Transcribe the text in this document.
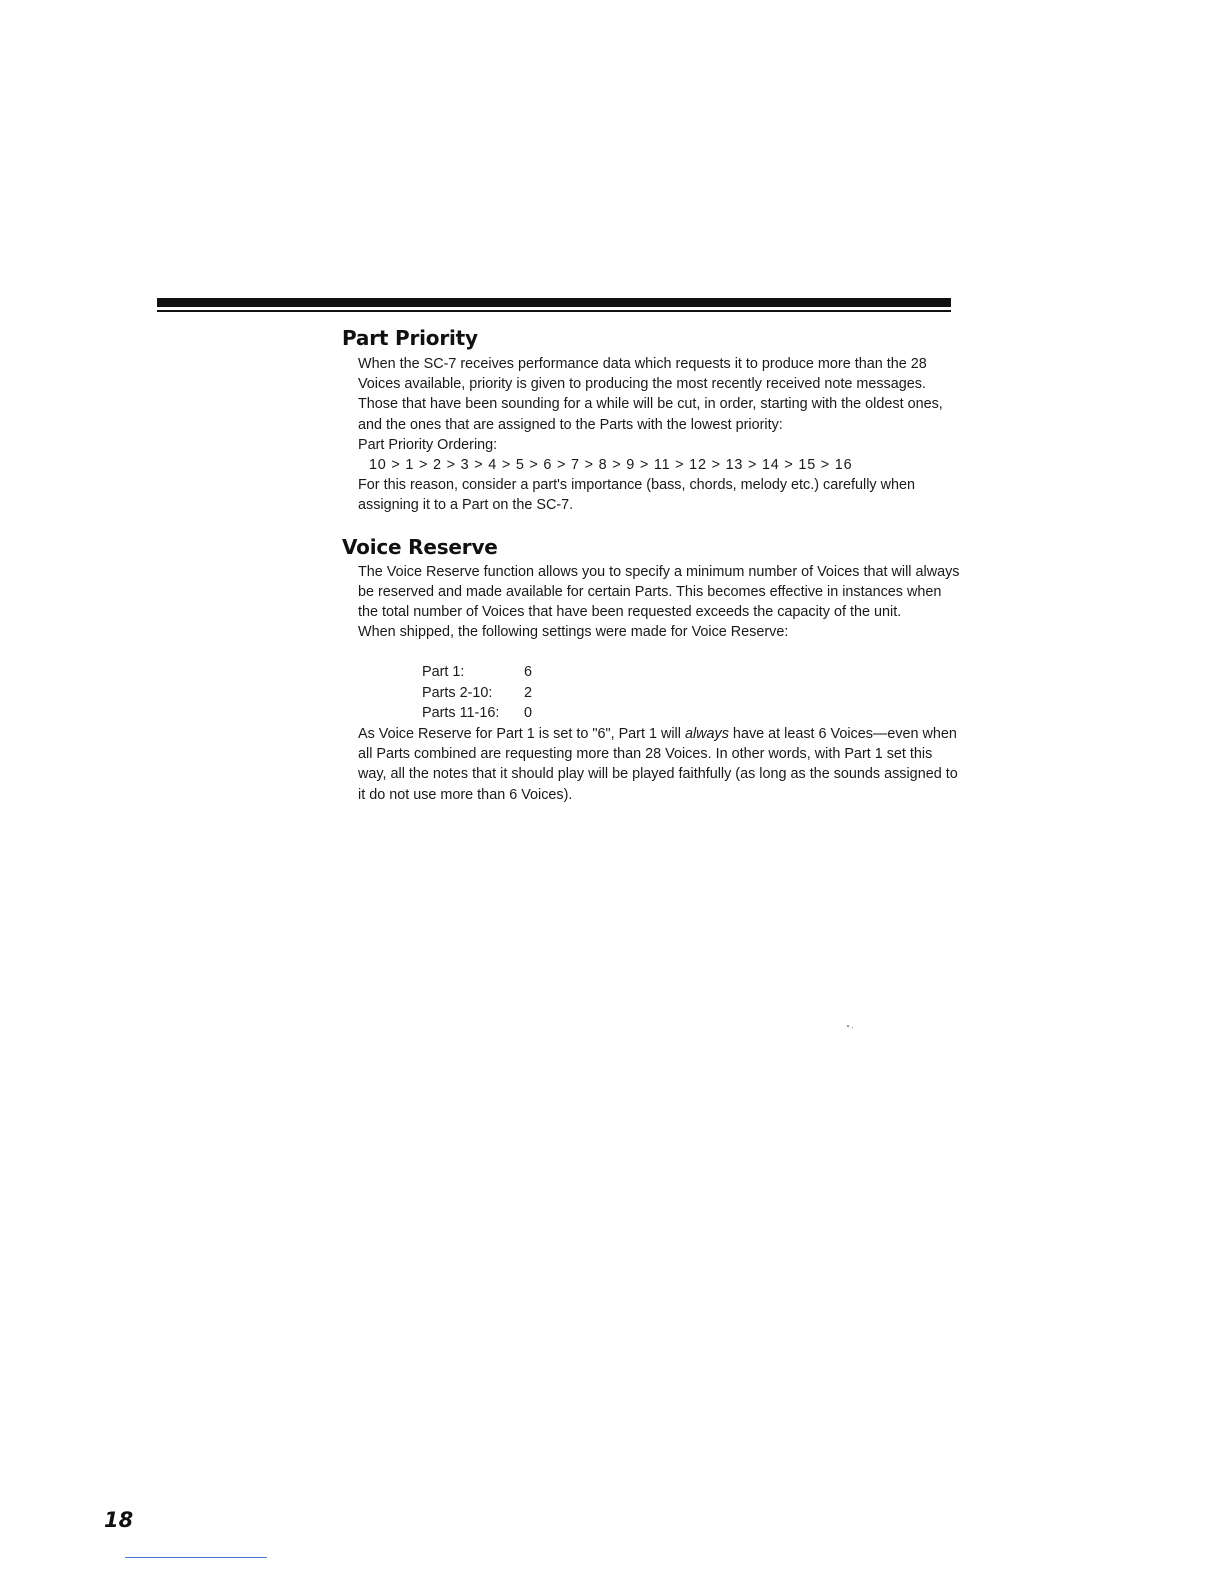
Part Priority

When the SC-7 receives performance data which requests it to produce more than the 28 Voices available, priority is given to producing the most recently received note messages. Those that have been sounding for a while will be cut, in order, starting with the oldest ones, and the ones that are assigned to the Parts with the lowest priority:

Part Priority Ordering:

10 > 1 > 2 > 3 > 4 > 5 > 6 > 7 > 8 > 9 > 11 > 12 > 13 > 14 > 15 > 16

For this reason, consider a part's importance (bass, chords, melody etc.) carefully when assigning it to a Part on the SC-7.

Voice Reserve

The Voice Reserve function allows you to specify a minimum number of Voices that will always be reserved and made available for certain Parts. This becomes effective in instances when the total number of Voices that have been requested exceeds the capacity of the unit.

When shipped, the following settings were made for Voice Reserve:

Part 1:	6
Parts 2-10:	2
Parts 11-16:	0

As Voice Reserve for Part 1 is set to "6", Part 1 will always have at least 6 Voices—even when all Parts combined are requesting more than 28 Voices. In other words, with Part 1 set this way, all the notes that it should play will be played faithfully (as long as the sounds assigned to it do not use more than 6 Voices).

18
